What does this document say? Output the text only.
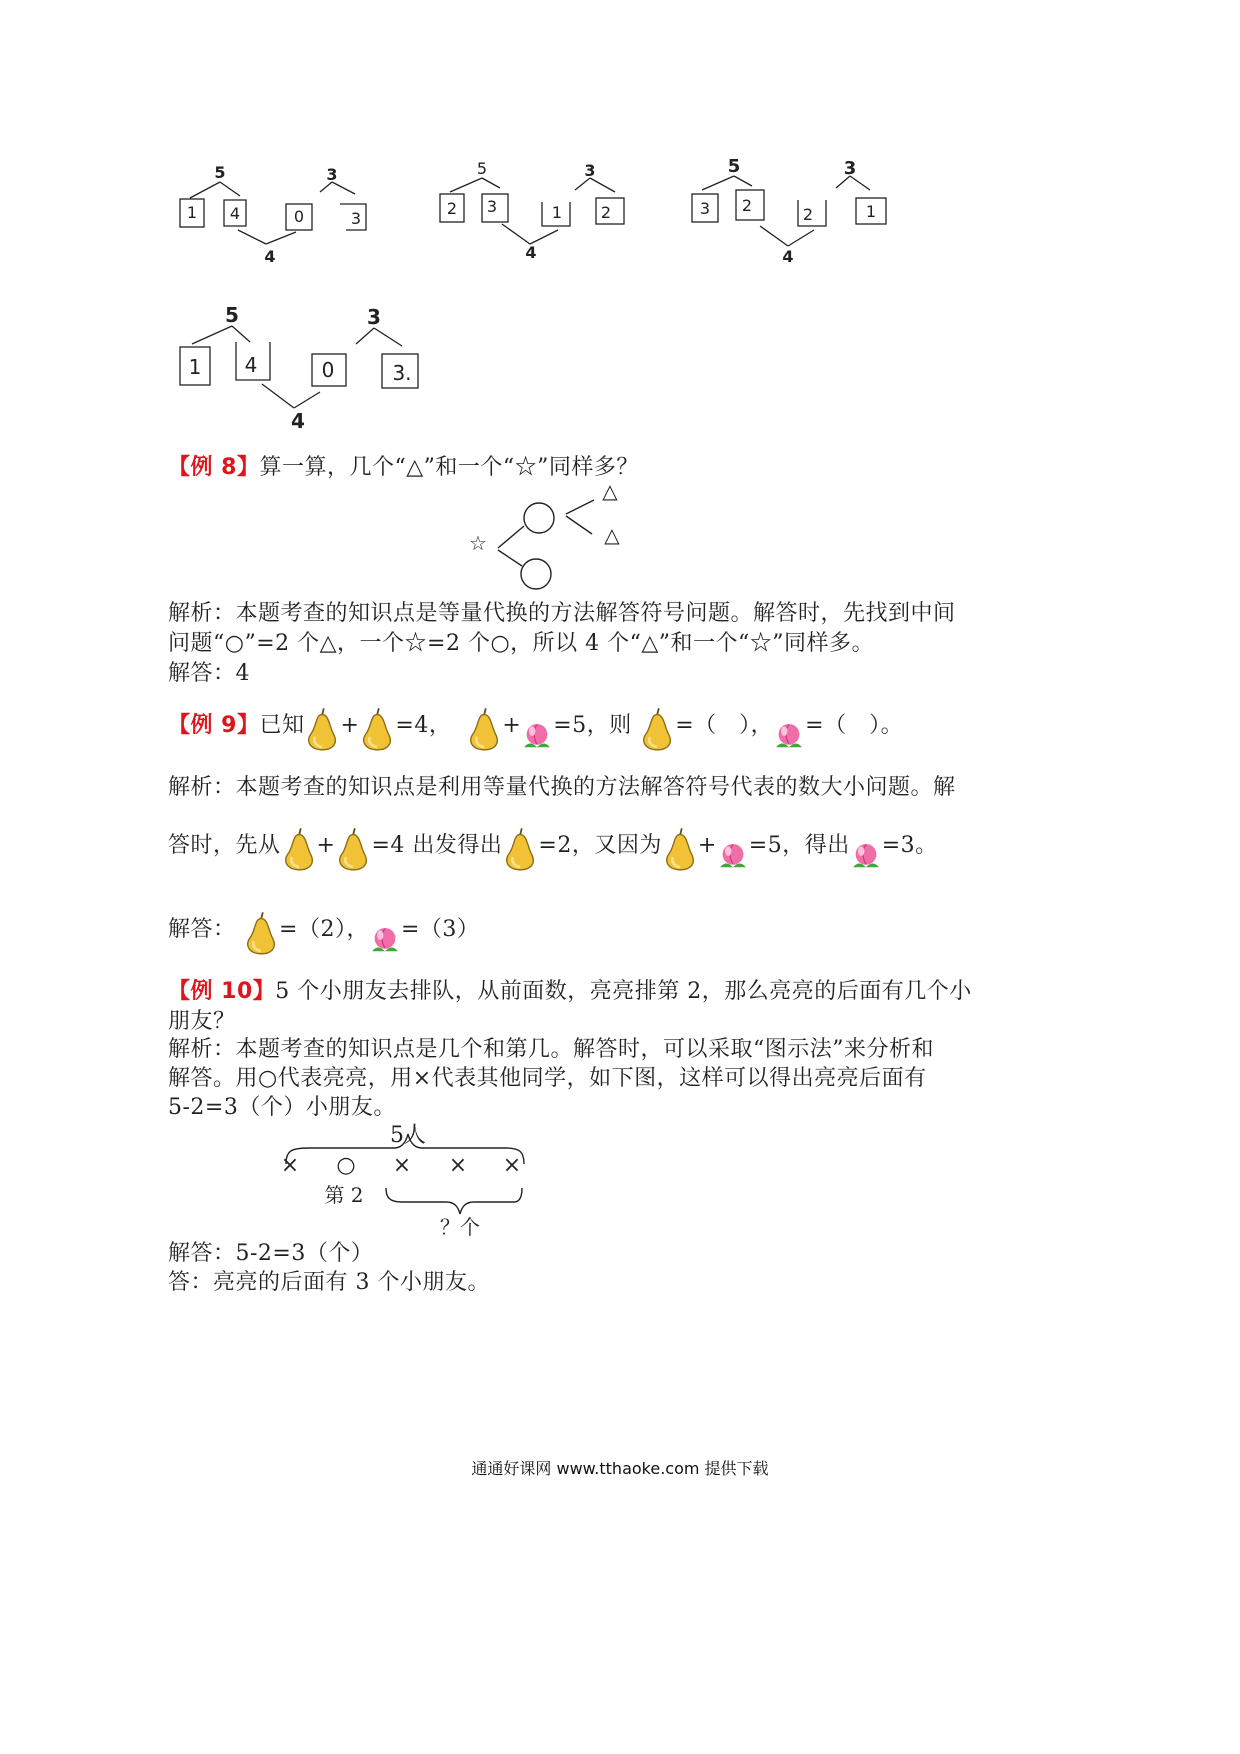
5
1 4	0	3
3
4
5
2 3	1 2
3
4
5
3 2	2	1
3
4
5
1 4	0	3.
3
4
【例 8】算一算，几个“△”和一个“☆”同样多？
☆
△
△
解析：本题考查的知识点是等量代换的方法解答符号问题。解答时，先找到中间
问题“○”=2 个△，一个☆=2 个○，所以 4 个“△”和一个“☆”同样多。
解答：4
【例 9】已知 + =4， + =5，则 =（　）， =（　）。
解析：本题考查的知识点是利用等量代换的方法解答符号代表的数大小问题。解
答时，先从 + =4 出发得出 =2，又因为 + =5，得出 =3。
解答： =（2）， =（3）
【例 10】5 个小朋友去排队，从前面数，亮亮排第 2，那么亮亮的后面有几个小
朋友？
解析：本题考查的知识点是几个和第几。解答时，可以采取“图示法”来分析和
解答。用○代表亮亮，用×代表其他同学，如下图，这样可以得出亮亮后面有
5-2=3（个）小朋友。
5人
× ○ × × ×
第 2
？个
解答：5-2=3（个）
答：亮亮的后面有 3 个小朋友。
通通好课网 www.tthaoke.com 提供下载
